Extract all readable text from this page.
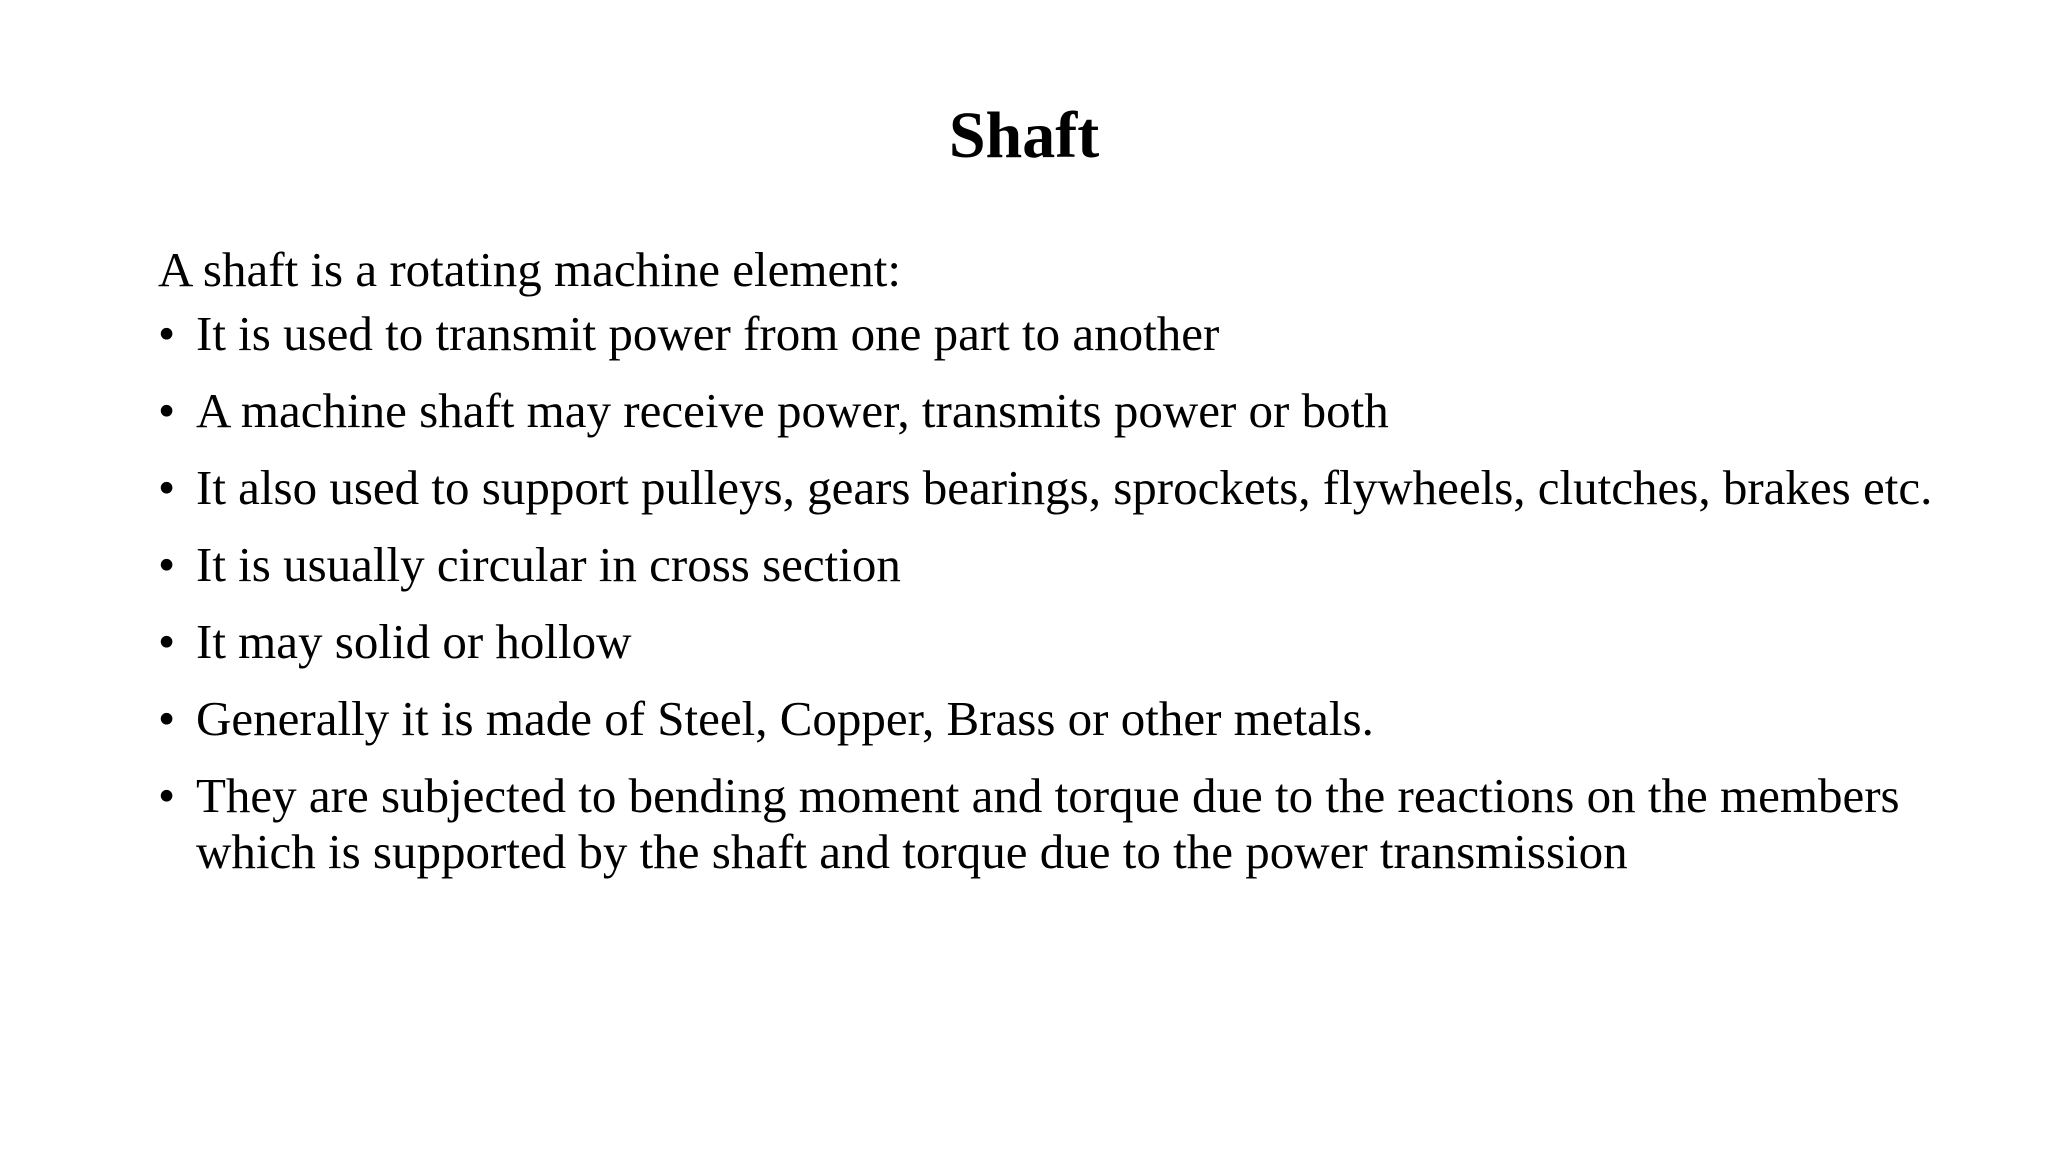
Shaft

A shaft is a rotating machine element:

• It is used to transmit power from one part to another
• A machine shaft may receive power, transmits power or both
• It also used to support pulleys, gears bearings, sprockets, flywheels, clutches, brakes etc.
• It is usually circular in cross section
• It may solid or hollow
• Generally it is made of Steel, Copper, Brass or other metals.
• They are subjected to bending moment and torque due to the reactions on the members which is supported by the shaft and torque due to the power transmission
